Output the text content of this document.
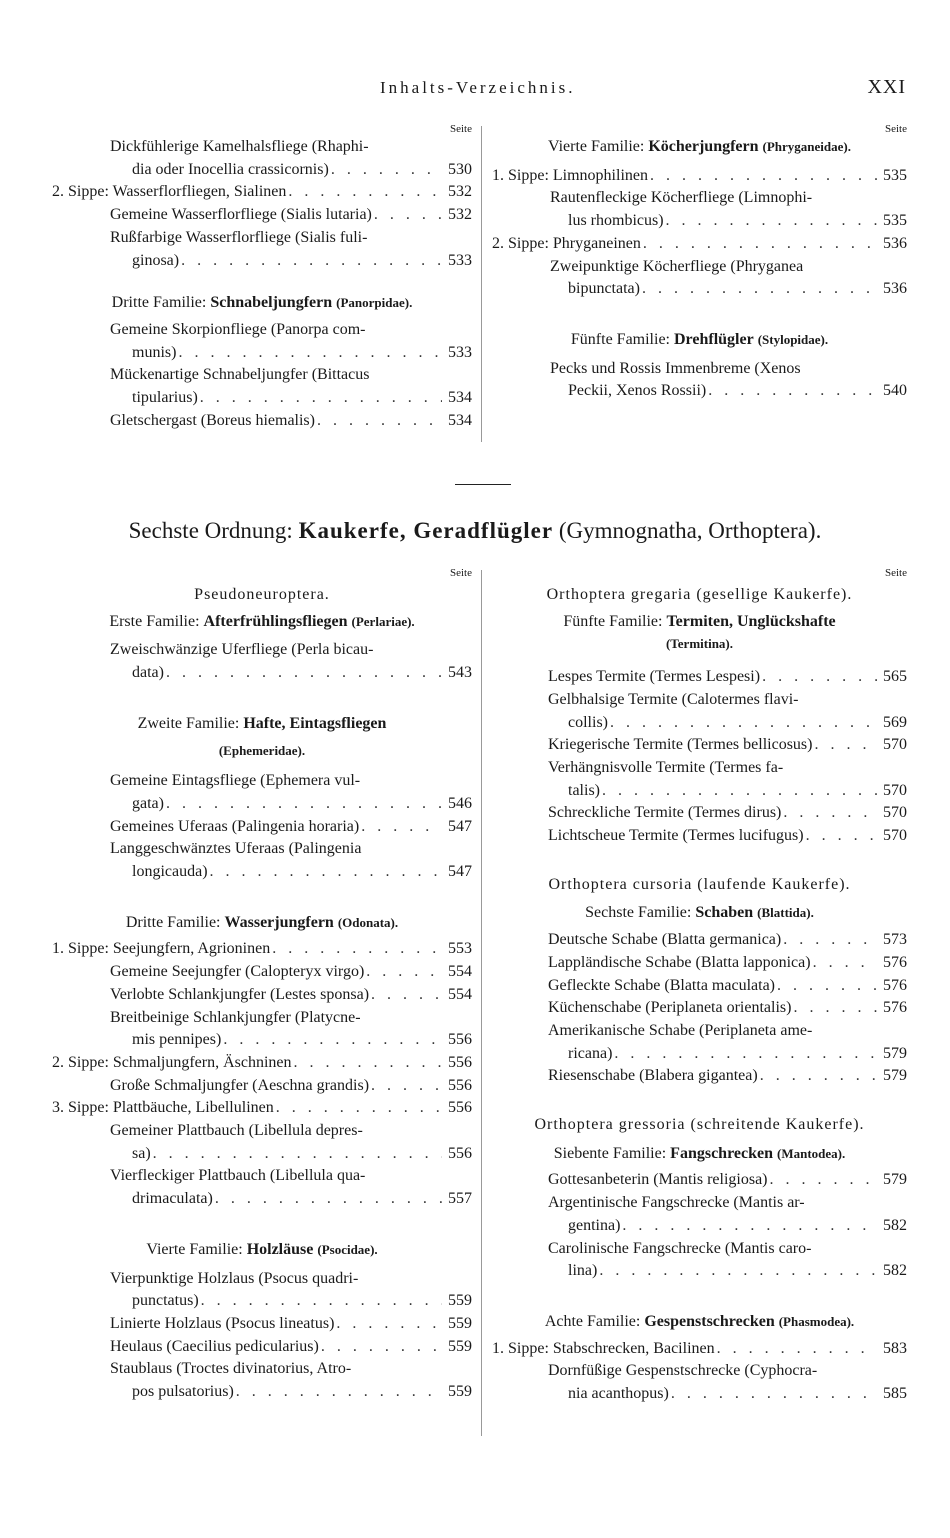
Inhalts-Verzeichnis.	XXI
Seite
Dickfühlerige Kamelhalsfliege (Rhaphi-
dia oder Inocellia crassicornis) . . .	530
2. Sippe: Wasserflorfliegen, Sialinen . . .	532
Gemeine Wasserflorfliege (Sialis lutaria) . . .	532
Rußfarbige Wasserflorfliege (Sialis fuli-
ginosa) . . .	533
Dritte Familie: Schnabeljungfern (Panorpidae).
Gemeine Skorpionfliege (Panorpa com-
munis) . . .	533
Mückenartige Schnabeljungfer (Bittacus
tipularius) . . .	534
Gletschergast (Boreus hiemalis) . . .	534
Seite
Vierte Familie: Köcherjungfern (Phryganeidae).
1. Sippe: Limnophilinen . . .	535
Rautenfleckige Köcherfliege (Limnophi-
lus rhombicus) . . .	535
2. Sippe: Phryganeinen . . .	536
Zweipunktige Köcherfliege (Phryganea
bipunctata) . . .	536
Fünfte Familie: Drehflügler (Stylopidae).
Pecks und Rossis Immenbreme (Xenos
Peckii, Xenos Rossii) . . .	540
Sechste Ordnung: Kaukerfe, Geradflügler (Gymnognatha, Orthoptera).
Seite
Pseudoneuroptera.
Erste Familie: Afterfrühlingsfliegen (Perlariae).
Zweischwänzige Uferfliege (Perla bicau-
data) . . .	543
Zweite Familie: Hafte, Eintagsfliegen
(Ephemeridae).
Gemeine Eintagsfliege (Ephemera vul-
gata) . . .	546
Gemeines Uferaas (Palingenia horaria) . . .	547
Langgeschwänztes Uferaas (Palingenia
longicauda) . . .	547
Dritte Familie: Wasserjungfern (Odonata).
1. Sippe: Seejungfern, Agrioninen . . .	553
Gemeine Seejungfer (Calopteryx virgo) . . .	554
Verlobte Schlankjungfer (Lestes sponsa) . . .	554
Breitbeinige Schlankjungfer (Platycne-
mis pennipes) . . .	556
2. Sippe: Schmaljungfern, Äschninen . . .	556
Große Schmaljungfer (Aeschna grandis) . . .	556
3. Sippe: Plattbäuche, Libellulinen . . .	556
Gemeiner Plattbauch (Libellula depres-
sa) . . .	556
Vierfleckiger Plattbauch (Libellula qua-
drimaculata) . . .	557
Vierte Familie: Holzläuse (Psocidae).
Vierpunktige Holzlaus (Psocus quadri-
punctatus) . . .	559
Linierte Holzlaus (Psocus lineatus) . . .	559
Heulaus (Caecilius pedicularius) . . .	559
Staublaus (Troctes divinatorius, Atro-
pos pulsatorius) . . .	559
Seite
Orthoptera gregaria (gesellige Kaukerfe).
Fünfte Familie: Termiten, Unglückshafte
(Termitina).
Lespes Termite (Termes Lespesi) . . .	565
Gelbhalsige Termite (Calotermes flavi-
collis) . . .	569
Kriegerische Termite (Termes bellicosus) . . .	570
Verhängnisvolle Termite (Termes fa-
talis) . . .	570
Schreckliche Termite (Termes dirus) . . .	570
Lichtscheue Termite (Termes lucifugus) . . .	570
Orthoptera cursoria (laufende Kaukerfe).
Sechste Familie: Schaben (Blattida).
Deutsche Schabe (Blatta germanica) . . .	573
Lappländische Schabe (Blatta lapponica) . . .	576
Gefleckte Schabe (Blatta maculata) . . .	576
Küchenschabe (Periplaneta orientalis) . . .	576
Amerikanische Schabe (Periplaneta ame-
ricana) . . .	579
Riesenschabe (Blabera gigantea) . . .	579
Orthoptera gressoria (schreitende Kaukerfe).
Siebente Familie: Fangschrecken (Mantodea).
Gottesanbeterin (Mantis religiosa) . . .	579
Argentinische Fangschrecke (Mantis ar-
gentina) . . .	582
Carolinische Fangschrecke (Mantis caro-
lina) . . .	582
Achte Familie: Gespenstschrecken (Phasmodea).
1. Sippe: Stabschrecken, Bacilinen . . .	583
Dornfüßige Gespenstschrecke (Cyphocra-
nia acanthopus) . . .	585
